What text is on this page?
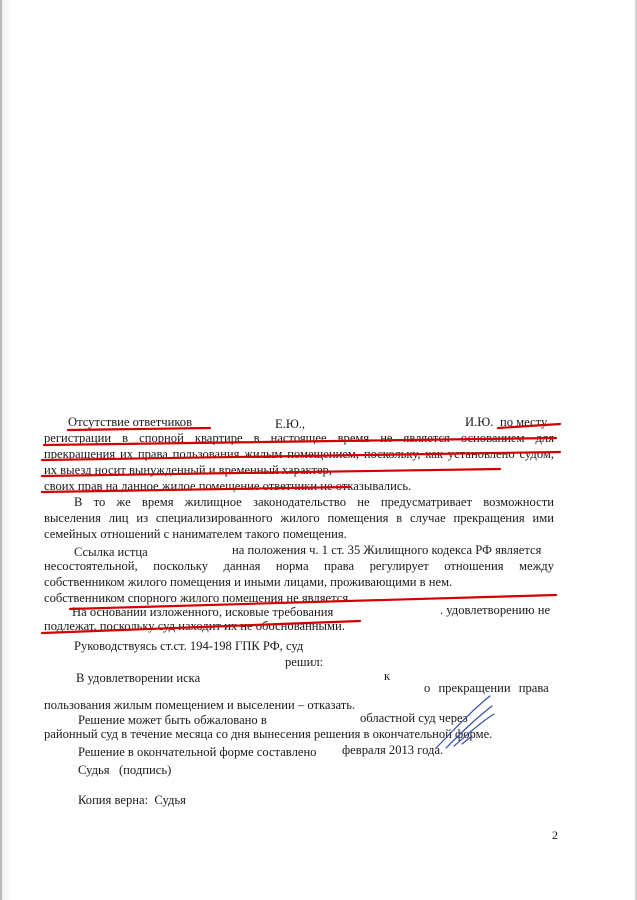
Отсутствие ответчиков	Е.Ю.,	И.Ю. по месту
регистрации в спорной квартире в настоящее время не является основанием для
прекращения их права пользования жилым помещением, поскольку, как установлено судом,
их выезд носит вынужденный и временный характер,
своих прав на данное жилое помещение ответчики не отказывались.
В то же время жилищное законодательство не предусматривает возможности
выселения лиц из специализированного жилого помещения в случае прекращения ими
семейных отношений с нанимателем такого помещения.
Ссылка истца	на положения ч. 1 ст. 35 Жилищного кодекса РФ является
несостоятельной, поскольку данная норма права регулирует отношения между
собственником жилого помещения и иными лицами, проживающими в нем.
собственником спорного жилого помещения не является.
На основании изложенного, исковые требования	. удовлетворению не
подлежат, поскольку суд находит их не обоснованными.
Руководствуясь ст.ст. 194-198 ГПК РФ, суд
решил:
В удовлетворении иска	к
о прекращении права
пользования жилым помещением и выселении – отказать.
Решение может быть обжаловано в	областной суд через
районный суд в течение месяца со дня вынесения решения в окончательной форме.
Решение в окончательной форме составлено февраля 2013 года.
Судья   (подпись)
Копия верна:  Судья
2
